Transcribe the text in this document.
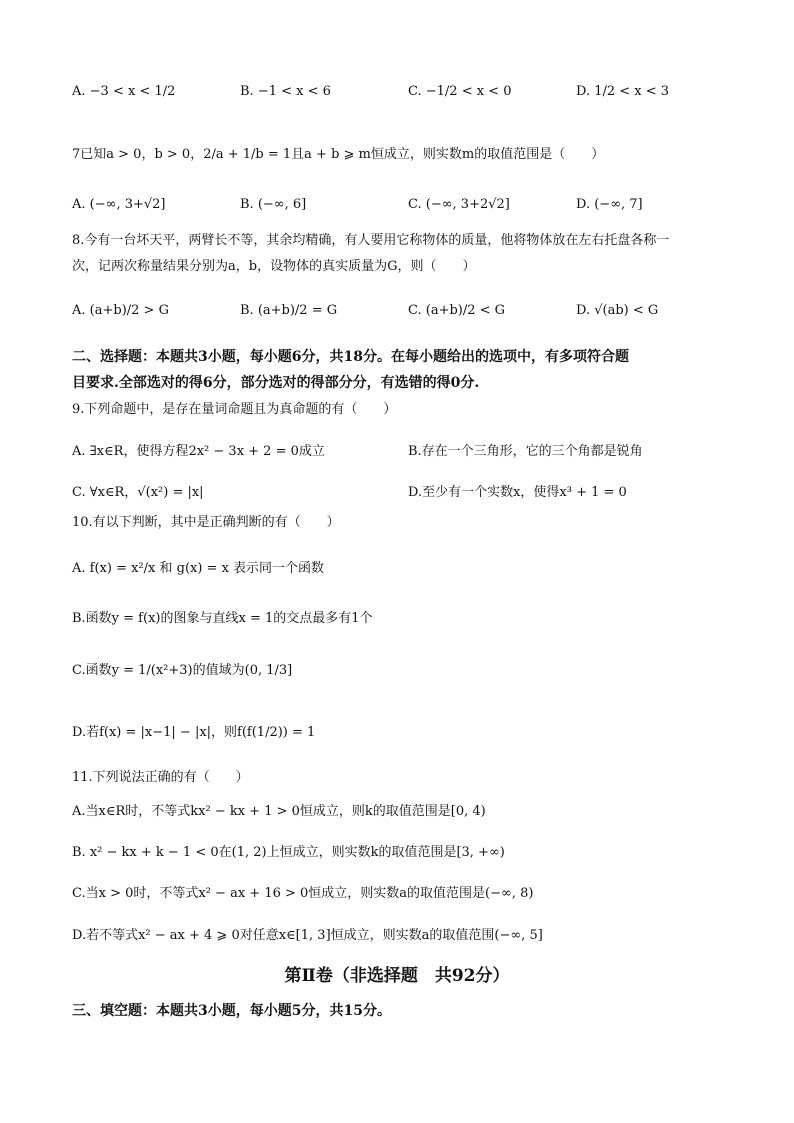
A. −3 < x < 1/2	B. −1 < x < 6	C. −1/2 < x < 0	D. 1/2 < x < 3
7已知a > 0，b > 0，2/a + 1/b = 1且a + b ⩾ m恒成立，则实数m的取值范围是（　　）
A. (−∞, 3+√2]	B. (−∞, 6]	C. (−∞, 3+2√2]	D. (−∞, 7]
8.今有一台坏天平，两臂长不等，其余均精确，有人要用它称物体的质量，他将物体放在左右托盘各称一
次，记两次称量结果分别为a，b，设物体的真实质量为G，则（　　）
A. (a+b)/2 > G	B. (a+b)/2 = G	C. (a+b)/2 < G	D. √(ab) < G
二、选择题：本题共3小题，每小题6分，共18分。在每小题给出的选项中，有多项符合题
目要求.全部选对的得6分，部分选对的得部分分，有选错的得0分.
9.下列命题中，是存在量词命题且为真命题的有（　　）
A. ∃x∈R，使得方程2x² − 3x + 2 = 0成立	B.存在一个三角形，它的三个角都是锐角
C. ∀x∈R，√(x²) = |x|	D.至少有一个实数x，使得x³ + 1 = 0
10.有以下判断，其中是正确判断的有（　　）
A. f(x) = x²/x 和 g(x) = x 表示同一个函数
B.函数y = f(x)的图象与直线x = 1的交点最多有1个
C.函数y = 1/(x²+3)的值域为(0, 1/3]
D.若f(x) = |x−1| − |x|，则f(f(1/2)) = 1
11.下列说法正确的有（　　）
A.当x∈R时，不等式kx² − kx + 1 > 0恒成立，则k的取值范围是[0, 4)
B. x² − kx + k − 1 < 0在(1, 2)上恒成立，则实数k的取值范围是[3, +∞)
C.当x > 0时，不等式x² − ax + 16 > 0恒成立，则实数a的取值范围是(−∞, 8)
D.若不等式x² − ax + 4 ⩾ 0对任意x∈[1, 3]恒成立，则实数a的取值范围(−∞, 5]
第Ⅱ卷（非选择题　共92分）
三、填空题：本题共3小题，每小题5分，共15分。
